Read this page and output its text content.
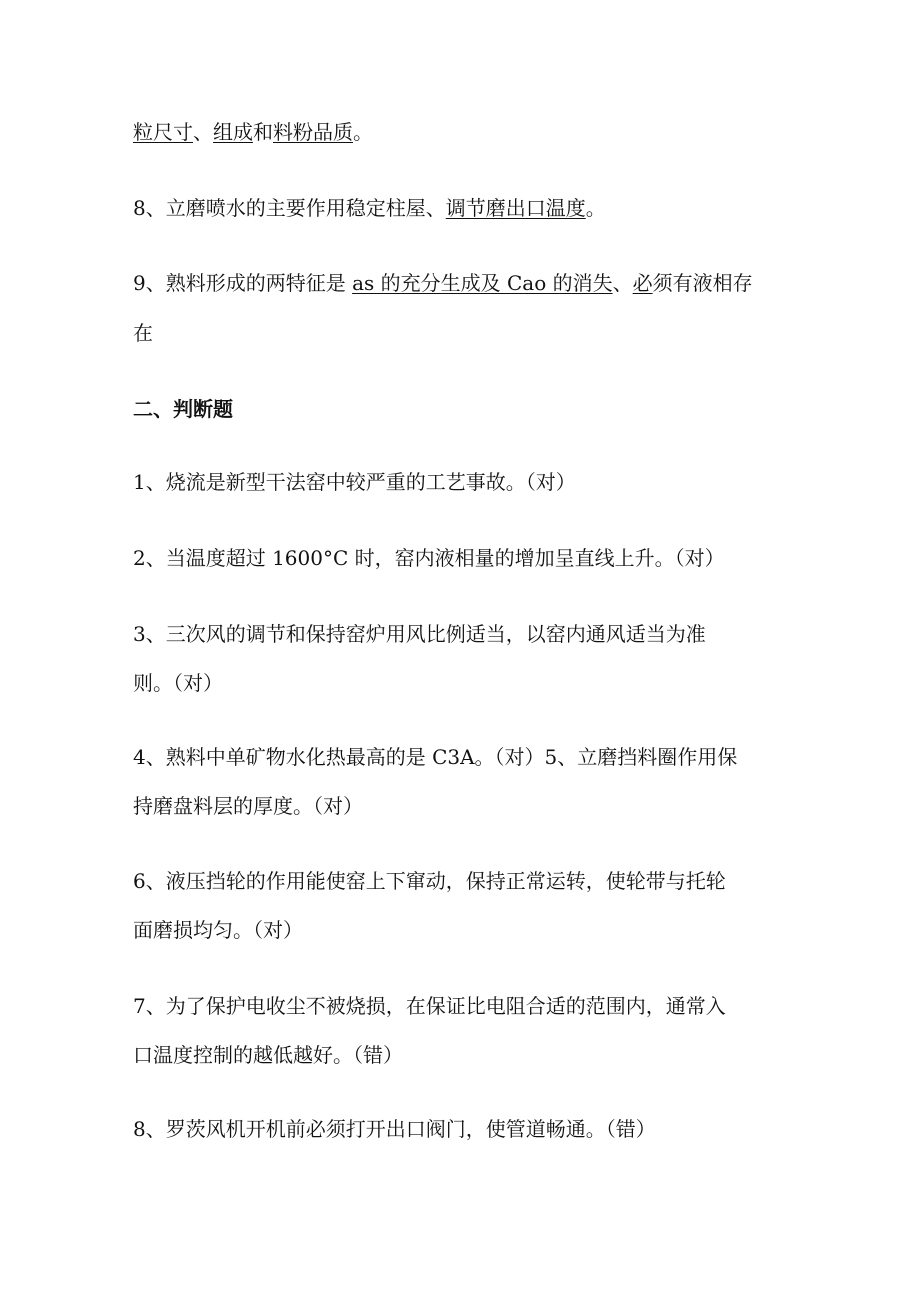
粒尺寸、组成和料粉品质。
8、立磨喷水的主要作用稳定柱屋、调节磨出口温度。
9、熟料形成的两特征是 as 的充分生成及 Cao 的消失、必须有液相存
在
二、判断题
1、烧流是新型干法窑中较严重的工艺事故。（对）
2、当温度超过 1600°C 时，窑内液相量的增加呈直线上升。（对）
3、三次风的调节和保持窑炉用风比例适当，以窑内通风适当为准
则。（对）
4、熟料中单矿物水化热最高的是 C3A。（对）5、立磨挡料圈作用保
持磨盘料层的厚度。（对）
6、液压挡轮的作用能使窑上下窜动，保持正常运转，使轮带与托轮
面磨损均匀。（对）
7、为了保护电收尘不被烧损，在保证比电阻合适的范围内，通常入
口温度控制的越低越好。（错）
8、罗茨风机开机前必须打开出口阀门，使管道畅通。（错）
